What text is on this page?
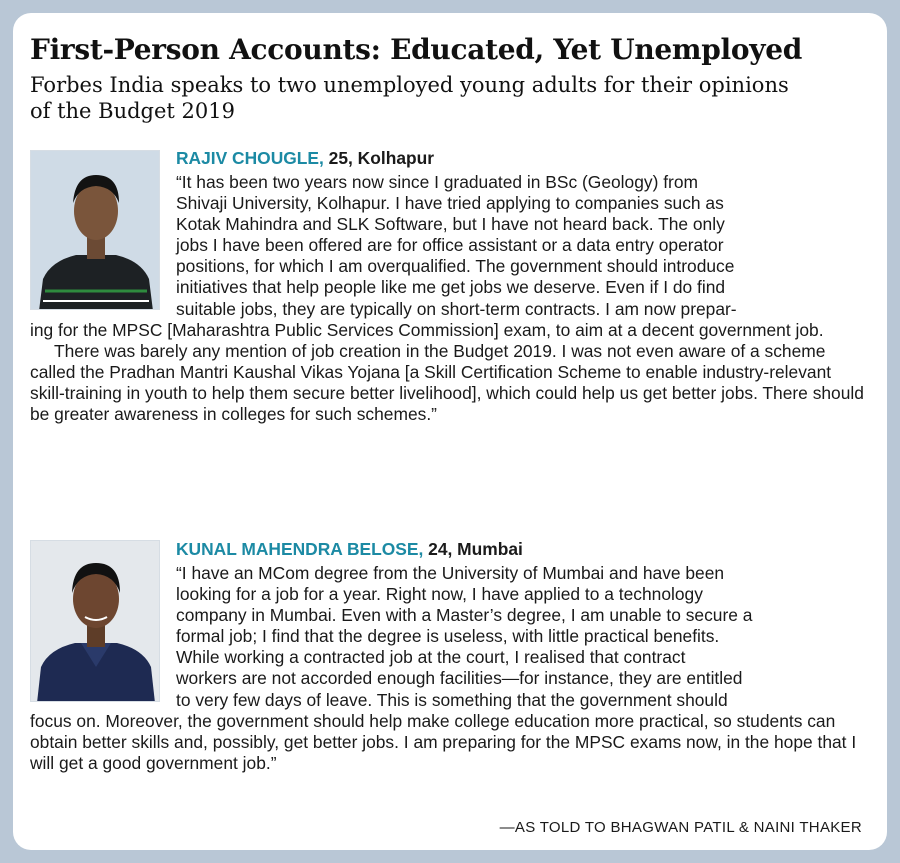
First-Person Accounts: Educated, Yet Unemployed
Forbes India speaks to two unemployed young adults for their opinions of the Budget 2019
RAJIV CHOUGLE, 25, Kolhapur
“It has been two years now since I graduated in BSc (Geology) from
Shivaji University, Kolhapur. I have tried applying to companies such as
Kotak Mahindra and SLK Software, but I have not heard back. The only
jobs I have been offered are for office assistant or a data entry operator
positions, for which I am overqualified. The government should introduce
initiatives that help people like me get jobs we deserve. Even if I do find
suitable jobs, they are typically on short-term contracts. I am now prepar-
ing for the MPSC [Maharashtra Public Services Commission] exam, to aim at a decent government job.
There was barely any mention of job creation in the Budget 2019. I was not even aware of a scheme called the Pradhan Mantri Kaushal Vikas Yojana [a Skill Certification Scheme to enable industry-relevant skill-training in youth to help them secure better livelihood], which could help us get better jobs. There should be greater awareness in colleges for such schemes.”
KUNAL MAHENDRA BELOSE, 24, Mumbai
“I have an MCom degree from the University of Mumbai and have been
looking for a job for a year. Right now, I have applied to a technology
company in Mumbai. Even with a Master’s degree, I am unable to secure a
formal job; I find that the degree is useless, with little practical benefits.
While working a contracted job at the court, I realised that contract
workers are not accorded enough facilities—for instance, they are entitled
to very few days of leave. This is something that the government should
focus on. Moreover, the government should help make college education more practical, so students can obtain better skills and, possibly, get better jobs. I am preparing for the MPSC exams now, in the hope that I will get a good government job.”
—AS TOLD TO BHAGWAN PATIL & NAINI THAKER
